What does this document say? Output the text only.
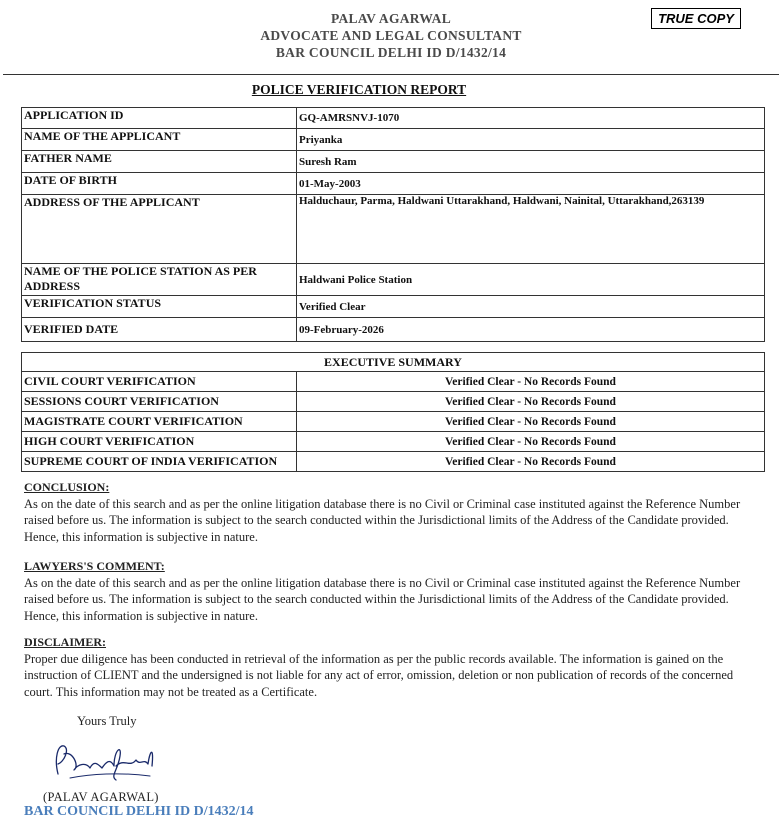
PALAV AGARWAL
ADVOCATE AND LEGAL CONSULTANT
BAR COUNCIL DELHI ID D/1432/14
TRUE COPY
POLICE VERIFICATION REPORT
APPLICATION ID	GQ-AMRSNVJ-1070
NAME OF THE APPLICANT	Priyanka
FATHER NAME	Suresh Ram
DATE OF BIRTH	01-May-2003
ADDRESS OF THE APPLICANT	Halduchaur, Parma, Haldwani Uttarakhand, Haldwani, Nainital, Uttarakhand,263139
NAME OF THE POLICE STATION AS PER ADDRESS	Haldwani Police Station
VERIFICATION STATUS	Verified Clear
VERIFIED DATE	09-February-2026
EXECUTIVE SUMMARY	
CIVIL COURT VERIFICATION	Verified Clear - No Records Found
SESSIONS COURT VERIFICATION	Verified Clear - No Records Found
MAGISTRATE COURT VERIFICATION	Verified Clear - No Records Found
HIGH COURT VERIFICATION	Verified Clear - No Records Found
SUPREME COURT OF INDIA VERIFICATION	Verified Clear - No Records Found
CONCLUSION:
As on the date of this search and as per the online litigation database there is no Civil or Criminal case instituted against the Reference Number raised before us. The information is subject to the search conducted within the Jurisdictional limits of the Address of the Candidate provided. Hence, this information is subjective in nature.
LAWYERS'S COMMENT:
As on the date of this search and as per the online litigation database there is no Civil or Criminal case instituted against the Reference Number raised before us. The information is subject to the search conducted within the Jurisdictional limits of the Address of the Candidate provided. Hence, this information is subjective in nature.
DISCLAIMER:
Proper due diligence has been conducted in retrieval of the information as per the public records available. The information is gained on the instruction of CLIENT and the undersigned is not liable for any act of error, omission, deletion or non publication of records of the concerned court. This information may not be treated as a Certificate.
Yours Truly
(PALAV AGARWAL)
BAR COUNCIL DELHI ID D/1432/14
